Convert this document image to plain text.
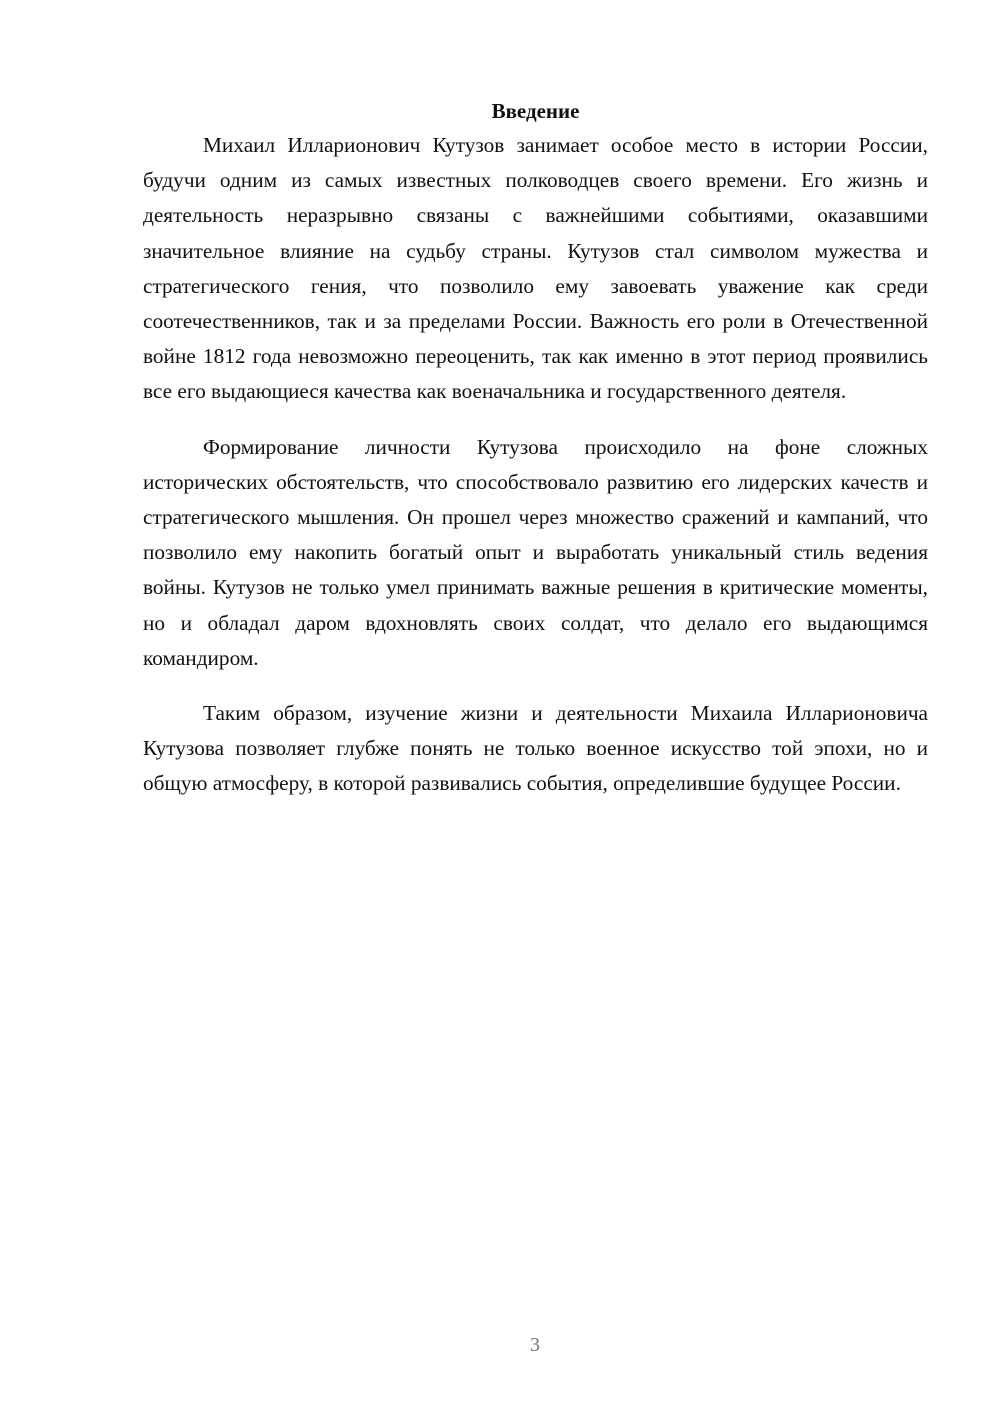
Введение

Михаил Илларионович Кутузов занимает особое место в истории России, будучи одним из самых известных полководцев своего времени. Его жизнь и деятельность неразрывно связаны с важнейшими событиями, оказавшими значительное влияние на судьбу страны. Кутузов стал символом мужества и стратегического гения, что позволило ему завоевать уважение как среди соотечественников, так и за пределами России. Важность его роли в Отечественной войне 1812 года невозможно переоценить, так как именно в этот период проявились все его выдающиеся качества как военачальника и государственного деятеля.

Формирование личности Кутузова происходило на фоне сложных исторических обстоятельств, что способствовало развитию его лидерских качеств и стратегического мышления. Он прошел через множество сражений и кампаний, что позволило ему накопить богатый опыт и выработать уникальный стиль ведения войны. Кутузов не только умел принимать важные решения в критические моменты, но и обладал даром вдохновлять своих солдат, что делало его выдающимся командиром.

Таким образом, изучение жизни и деятельности Михаила Илларионовича Кутузова позволяет глубже понять не только военное искусство той эпохи, но и общую атмосферу, в которой развивались события, определившие будущее России.

3
